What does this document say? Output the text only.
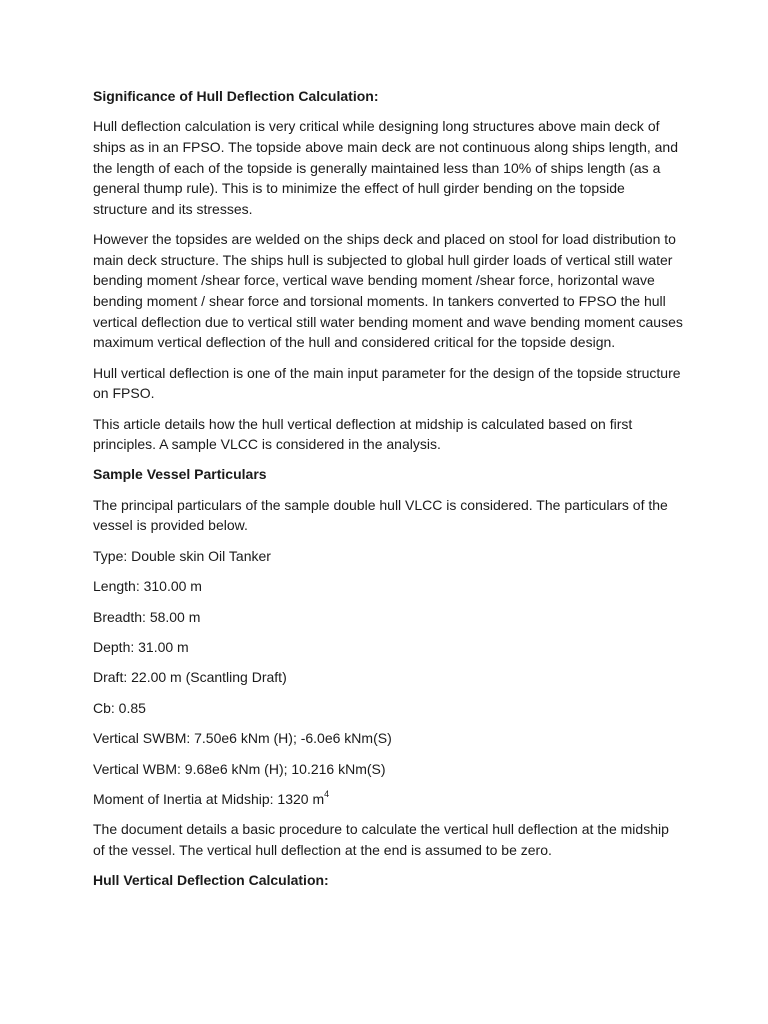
Significance of Hull Deflection Calculation:

Hull deflection calculation is very critical while designing long structures above main deck of ships as in an FPSO. The topside above main deck are not continuous along ships length, and the length of each of the topside is generally maintained less than 10% of ships length (as a general thump rule). This is to minimize the effect of hull girder bending on the topside structure and its stresses.

However the topsides are welded on the ships deck and placed on stool for load distribution to main deck structure. The ships hull is subjected to global hull girder loads of vertical still water bending moment /shear force, vertical wave bending moment /shear force, horizontal wave bending moment / shear force and torsional moments. In tankers converted to FPSO the hull vertical deflection due to vertical still water bending moment and wave bending moment causes maximum vertical deflection of the hull and considered critical for the topside design.

Hull vertical deflection is one of the main input parameter for the design of the topside structure on FPSO.

This article details how the hull vertical deflection at midship is calculated based on first principles. A sample VLCC is considered in the analysis.

Sample Vessel Particulars

The principal particulars of the sample double hull VLCC is considered. The particulars of the vessel is provided below.

Type: Double skin Oil Tanker

Length: 310.00 m

Breadth: 58.00 m

Depth: 31.00 m

Draft: 22.00 m (Scantling Draft)

Cb: 0.85

Vertical SWBM: 7.50e6 kNm (H); -6.0e6 kNm(S)

Vertical WBM: 9.68e6 kNm (H); 10.216 kNm(S)

Moment of Inertia at Midship: 1320 $m^4$

The document details a basic procedure to calculate the vertical hull deflection at the midship of the vessel. The vertical hull deflection at the end is assumed to be zero.

Hull Vertical Deflection Calculation:
